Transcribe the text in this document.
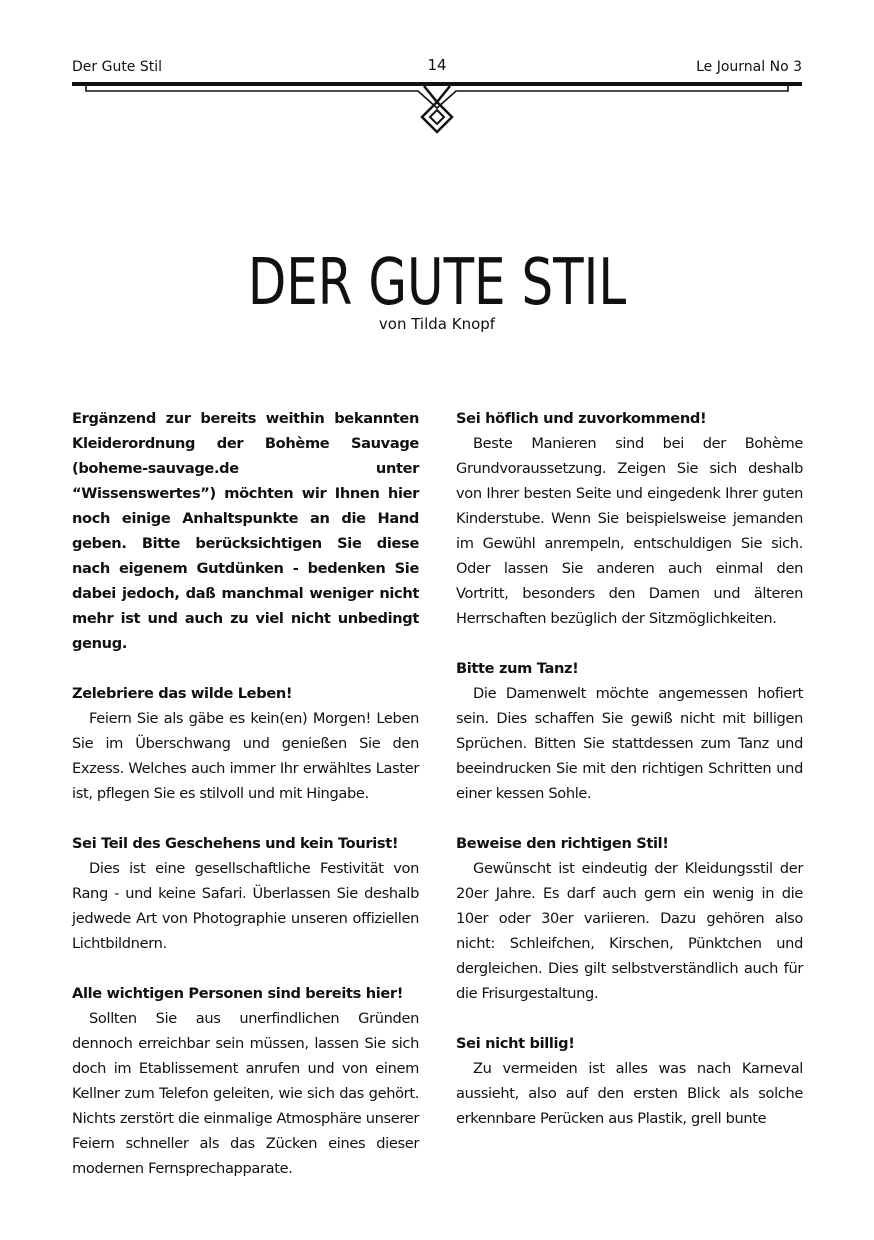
Der Gute Stil	14	Le Journal No 3
DER GUTE STIL
von Tilda Knopf

Ergänzend zur bereits weithin bekannten Kleiderordnung der Bohème Sauvage (boheme-sauvage.de unter “Wissenswertes”) möchten wir Ihnen hier noch einige Anhaltspunkte an die Hand geben. Bitte berücksichtigen Sie diese nach eigenem Gutdünken - bedenken Sie dabei jedoch, daß manchmal weniger nicht mehr ist und auch zu viel nicht unbedingt genug.

Zelebriere das wilde Leben!

Feiern Sie als gäbe es kein(en) Morgen! Leben Sie im Überschwang und genießen Sie den Exzess. Welches auch immer Ihr erwähltes Laster ist, pflegen Sie es stilvoll und mit Hingabe.

Sei Teil des Geschehens und kein Tourist!

Dies ist eine gesellschaftliche Festivität von Rang - und keine Safari. Überlassen Sie deshalb jedwede Art von Photographie unseren offiziellen Lichtbildnern.

Alle wichtigen Personen sind bereits hier!

Sollten Sie aus unerfindlichen Gründen dennoch erreichbar sein müssen, lassen Sie sich doch im Etablissement anrufen und von einem Kellner zum Telefon geleiten, wie sich das gehört. Nichts zerstört die einmalige Atmosphäre unserer Feiern schneller als das Zücken eines dieser modernen Fernsprechapparate.

Sei höflich und zuvorkommend!

Beste Manieren sind bei der Bohème Grundvoraussetzung. Zeigen Sie sich deshalb von Ihrer besten Seite und eingedenk Ihrer guten Kinderstube. Wenn Sie beispielsweise jemanden im Gewühl anrempeln, entschuldigen Sie sich. Oder lassen Sie anderen auch einmal den Vortritt, besonders den Damen und älteren Herrschaften bezüglich der Sitzmöglichkeiten.

Bitte zum Tanz!

Die Damenwelt möchte angemessen hofiert sein. Dies schaffen Sie gewiß nicht mit billigen Sprüchen. Bitten Sie stattdessen zum Tanz und beeindrucken Sie mit den richtigen Schritten und einer kessen Sohle.

Beweise den richtigen Stil!

Gewünscht ist eindeutig der Kleidungsstil der 20er Jahre. Es darf auch gern ein wenig in die 10er oder 30er variieren. Dazu gehören also nicht: Schleifchen, Kirschen, Pünktchen und dergleichen. Dies gilt selbstverständlich auch für die Frisurgestaltung.

Sei nicht billig!

Zu vermeiden ist alles was nach Karneval aussieht, also auf den ersten Blick als solche erkennbare Perücken aus Plastik, grell bunte
